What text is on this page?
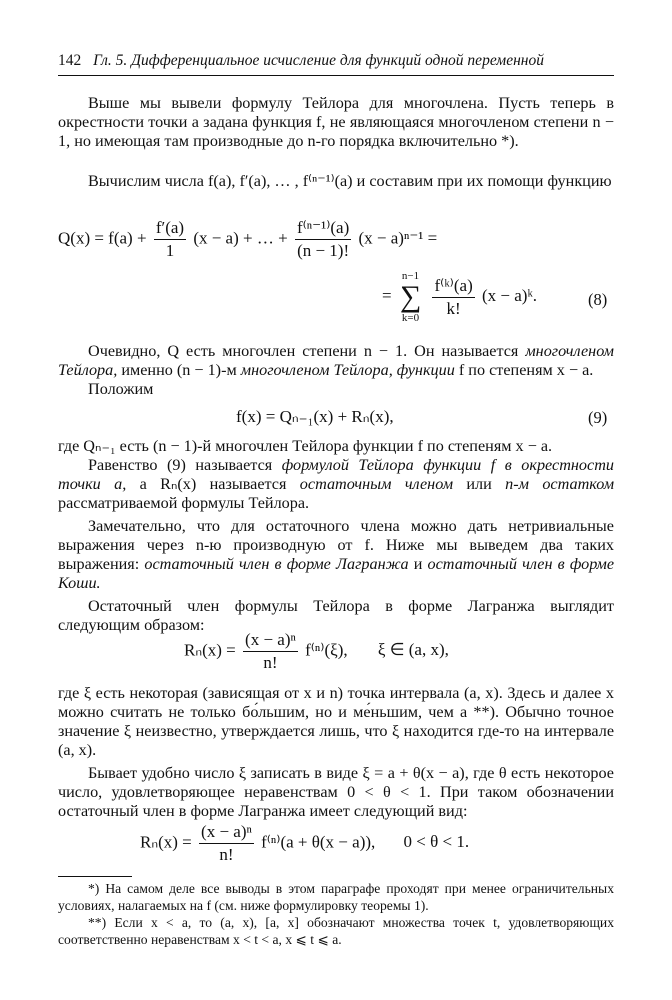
142 Гл. 5. Дифференциальное исчисление для функций одной переменной

Выше мы вывели формулу Тейлора для многочлена. Пусть теперь в окрестности точки a задана функция f, не являющаяся многочленом степени n − 1, но имеющая там производные до n-го порядка включительно *).

Вычислим числа f(a), f′(a), … , f⁽ⁿ⁻¹⁾(a) и составим при их помощи функцию

$Q(x) = f(a) + \frac{f'(a)}{1} (x - a)$ + … + $\frac{\text{f⁽ⁿ⁻¹⁾(a)}}{(n - 1)!} (x - a)^{n-1}$ =
=
n−1
∑
k=0
$\frac{\text{f⁽ᵏ⁾(a)}}{k!} (x$ − a)ᵏ.	(8)

Очевидно, Q есть многочлен степени n − 1. Он называется многочленом Тейлора, именно (n − 1)-м многочленом Тейлора, функции f по степеням x − a.

Положим

f(x) = Qₙ₋₁(x) + Rₙ(x),	(9)

где Qₙ₋₁ есть (n − 1)-й многочлен Тейлора функции f по степеням x − a.

Равенство (9) называется формулой Тейлора функции f в окрестности точки a, а Rₙ(x) называется остаточным членом или n-м остатком рассматриваемой формулы Тейлора.

Замечательно, что для остаточного члена можно дать нетривиальные выражения через n-ю производную от f. Ниже мы выведем два таких выражения: остаточный член в форме Лагранжа и остаточный член в форме Коши.

Остаточный член формулы Тейлора в форме Лагранжа выглядит следующим образом:

$R_n(x) = \frac{\text{(x − a)ⁿ}}{n!} f^{(n)}(\xi)$, ξ ∈ (a, x),

где ξ есть некоторая (зависящая от x и n) точка интервала (a, x). Здесь и далее x можно считать не только бо́льшим, но и ме́ньшим, чем a **). Обычно точное значение ξ неизвестно, утверждается лишь, что ξ находится где-то на интервале (a, x).

Бывает удобно число ξ записать в виде ξ = a + θ(x − a), где θ есть некоторое число, удовлетворяющее неравенствам 0 < θ < 1. При таком обозначении остаточный член в форме Лагранжа имеет следующий вид:

$R_n(x) = \frac{\text{(x − a)ⁿ}}{n!} f^{(n)}(a + \theta(x - a))$, 0 < θ < 1.

*) На самом деле все выводы в этом параграфе проходят при менее ограничительных условиях, налагаемых на f (см. ниже формулировку теоремы 1).

**) Если x < a, то (a, x), [a, x] обозначают множества точек t, удовлетворяющих соответственно неравенствам x < t < a, x ⩽ t ⩽ a.
